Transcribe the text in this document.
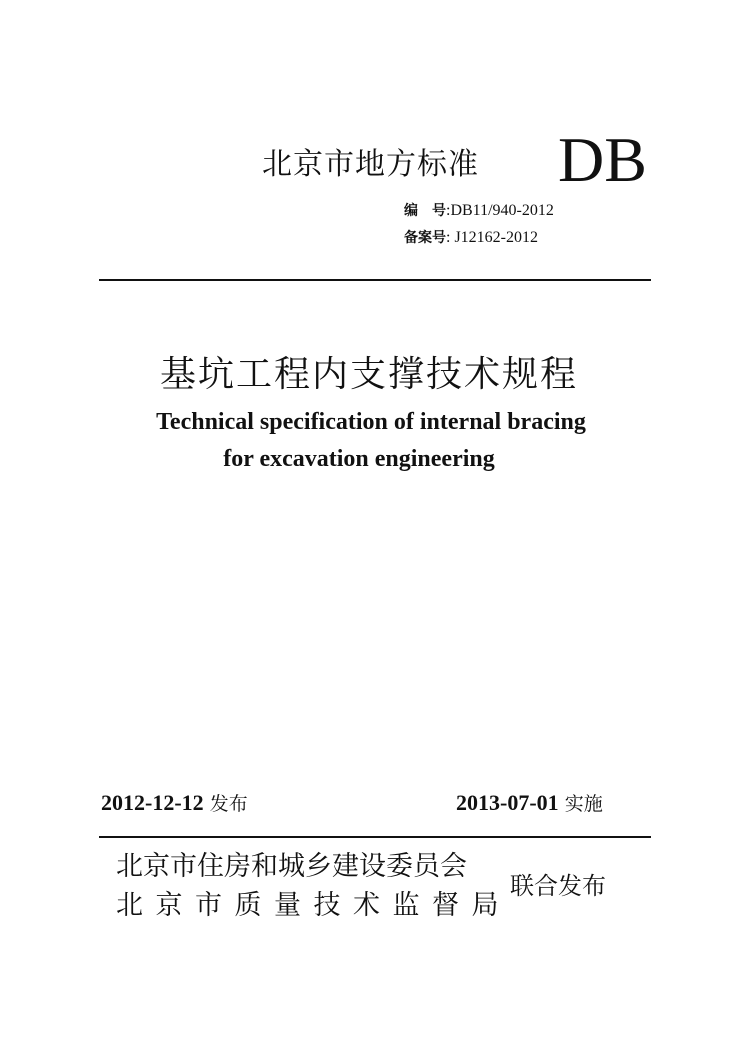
北京市地方标准 DB
编　号:DB11/940-2012
备案号: J12162-2012
基坑工程内支撑技术规程
Technical specification of internal bracing
for excavation engineering
2012-12-12 发布	2013-07-01 实施
北京市住房和城乡建设委员会
北京市质量技术监督局
联合发布
